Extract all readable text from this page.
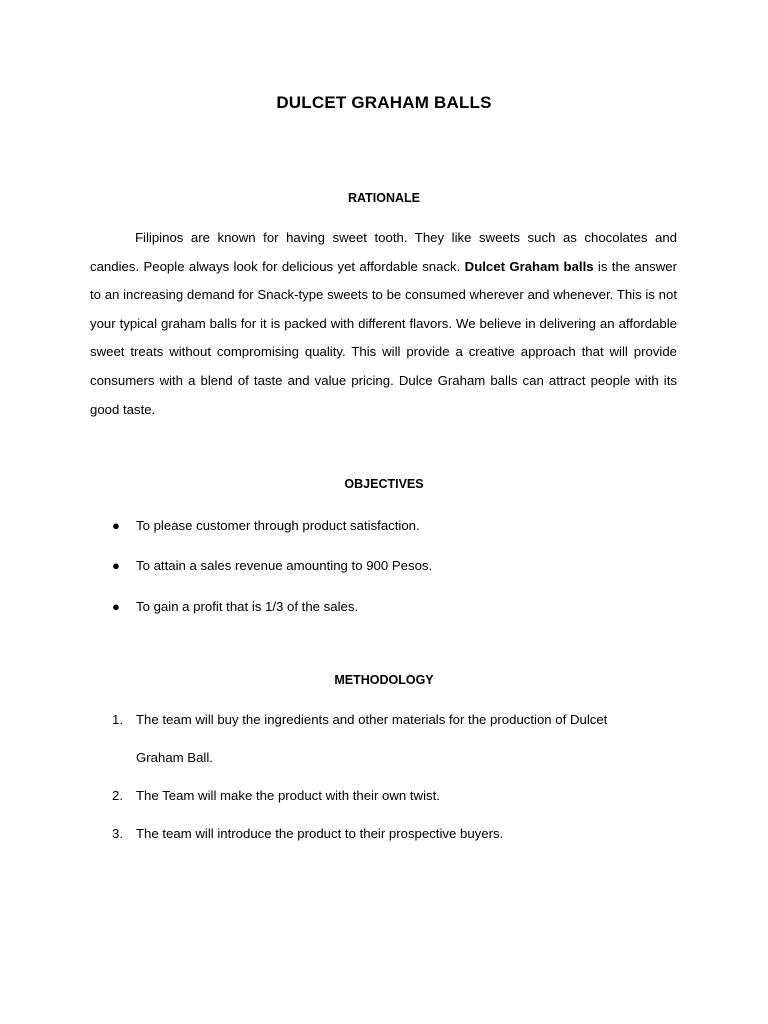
DULCET GRAHAM BALLS
RATIONALE

Filipinos are known for having sweet tooth. They like sweets such as chocolates and candies. People always look for delicious yet affordable snack. Dulcet Graham balls is the answer to an increasing demand for Snack-type sweets to be consumed wherever and whenever. This is not your typical graham balls for it is packed with different flavors. We believe in delivering an affordable sweet treats without compromising quality. This will provide a creative approach that will provide consumers with a blend of taste and value pricing. Dulce Graham balls can attract people with its good taste.

OBJECTIVES
●	To please customer through product satisfaction.
●	To attain a sales revenue amounting to 900 Pesos.
●	To gain a profit that is 1/3 of the sales.
METHODOLOGY
1. The team will buy the ingredients and other materials for the production of Dulcet Graham Ball.
2. The Team will make the product with their own twist.
3. The team will introduce the product to their prospective buyers.
